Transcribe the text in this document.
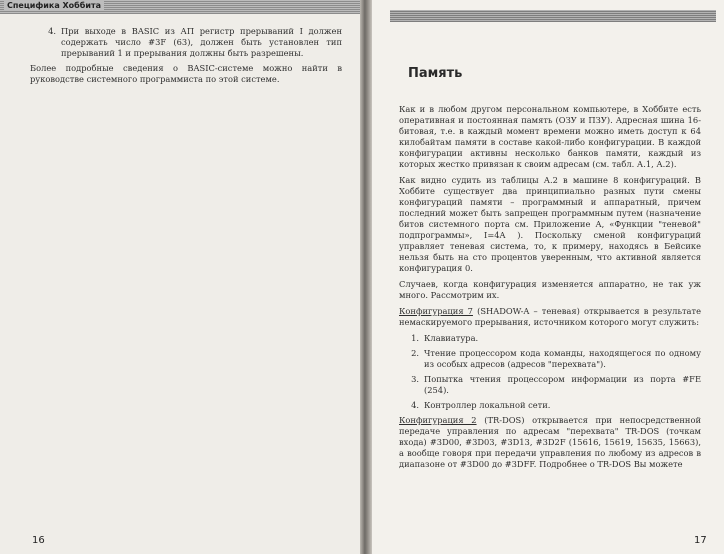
Специфика Хоббита
4. При выходе в BASIC из АП регистр прерываний I должен содержать число #3F (63), должен быть установлен тип прерываний 1 и прерывания должны быть разрешены.

Более подробные сведения о BASIC-системе можно найти в руководстве системного программиста по этой системе.

16
Память

Как и в любом другом персональном компьютере, в Хоббите есть оперативная и постоянная память (ОЗУ и ПЗУ). Адресная шина 16-битовая, т.е. в каждый момент времени можно иметь доступ к 64 килобайтам памяти в составе какой-либо конфигурации. В каждой конфигурации активны несколько банков памяти, каждый из которых жестко привязан к своим адресам (см. табл. А.1, А.2).

Как видно судить из таблицы А.2 в машине 8 конфигураций. В Хоббите существует два принципиально разных пути смены конфигураций памяти – программный и аппаратный, причем последний может быть запрещен программным путем (назначение битов системного порта см. Приложение А, «Функции "теневой" подпрограммы», I=4A ). Поскольку сменой конфигураций управляет теневая система, то, к примеру, находясь в Бейсике нельзя быть на сто процентов уверенным, что активной является конфигурация 0.

Случаев, когда конфигурация изменяется аппаратно, не так уж много. Рассмотрим их.

Конфигурация 7 (SHADOW-A – теневая) открывается в результате немаскируемого прерывания, источником которого могут служить:

1. Клавиатура.
2. Чтение процессором кода команды, находящегося по одному из особых адресов (адресов "перехвата").
3. Попытка чтения процессором информации из порта #FE (254).
4. Контроллер локальной сети.

Конфигурация 2 (TR-DOS) открывается при непосредственной передаче управления по адресам "перехвата" TR-DOS (точкам входа) #3D00, #3D03, #3D13, #3D2F (15616, 15619, 15635, 15663), а вообще говоря при передачи управления по любому из адресов в диапазоне от #3D00 до #3DFF. Подробнее о TR-DOS Вы можете

17
